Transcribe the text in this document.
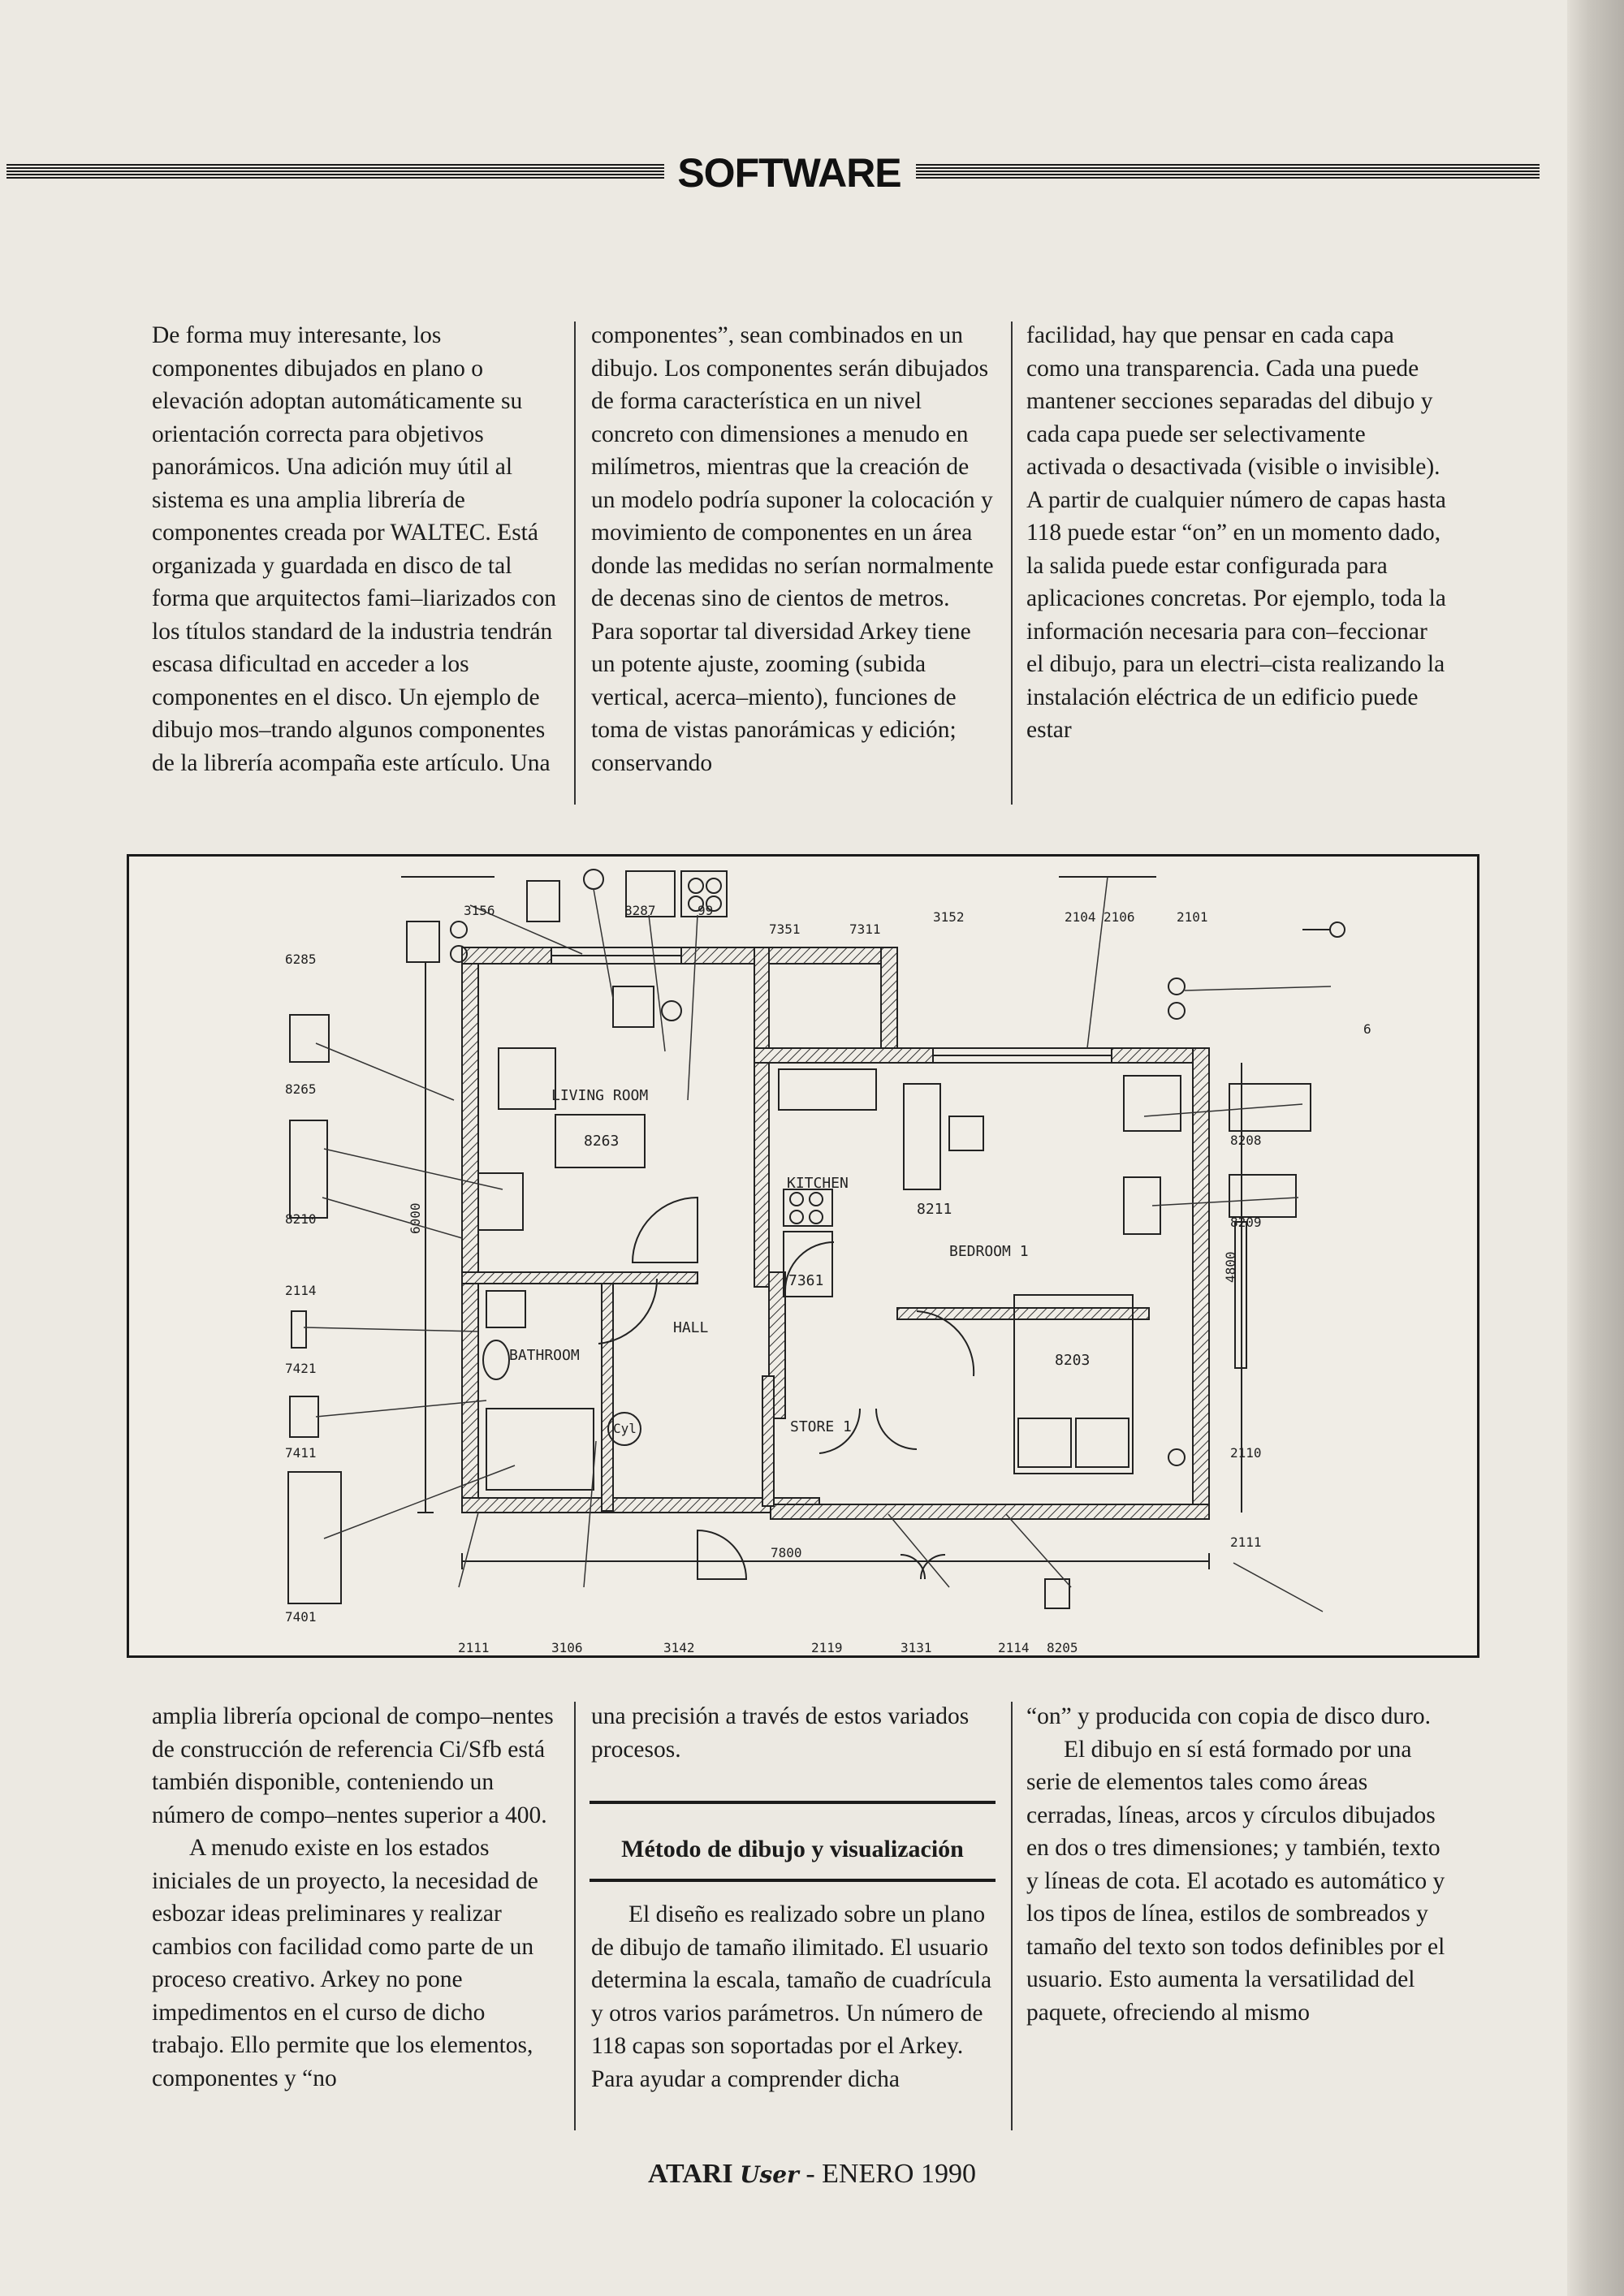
SOFTWARE

De forma muy interesante, los componentes dibujados en plano o elevación adoptan automáticamente su orientación correcta para objetivos panorámicos. Una adición muy útil al sistema es una amplia librería de componentes creada por WALTEC. Está organizada y guardada en disco de tal forma que arquitectos fami–liarizados con los títulos standard de la industria tendrán escasa dificultad en acceder a los componentes en el disco. Un ejemplo de dibujo mos–trando algunos componentes de la librería acompaña este artículo. Una

componentes”, sean combinados en un dibujo. Los componentes serán dibujados de forma característica en un nivel concreto con dimensiones a menudo en milímetros, mientras que la creación de un modelo podría suponer la colocación y movimiento de componentes en un área donde las medidas no serían normalmente de decenas sino de cientos de metros. Para soportar tal diversidad Arkey tiene un potente ajuste, zooming (subida vertical, acerca–miento), funciones de toma de vistas panorámicas y edición; conservando

facilidad, hay que pensar en cada capa como una transparencia. Cada una puede mantener secciones separadas del dibujo y cada capa puede ser selectivamente activada o desactivada (visible o invisible). A partir de cualquier número de capas hasta 118 puede estar “on” en un momento dado, la salida puede estar configurada para aplicaciones concretas. Por ejemplo, toda la información necesaria para con–feccionar el dibujo, para un electri–cista realizando la instalación eléctrica de un edificio puede estar

8263
7361
8211
8203
Cyl
6000
4800
7800
LIVING ROOM
KITCHEN
BEDROOM 1
HALL
BATHROOM
STORE 1
3156	8287	99
7351	7311
3152	2104 2106	2101
6285
8265
8210
2114
7421
7411
7401
6
8208
8209
2110
2111
2111	3106	3142	2119	3131	2114 8205

amplia librería opcional de compo–nentes de construcción de referencia Ci/Sfb está también disponible, conteniendo un número de compo–nentes superior a 400.

A menudo existe en los estados iniciales de un proyecto, la necesidad de esbozar ideas preliminares y realizar cambios con facilidad como parte de un proceso creativo. Arkey no pone impedimentos en el curso de dicho trabajo. Ello permite que los elementos, componentes y “no

una precisión a través de estos variados procesos.

Método de dibujo y visualización

El diseño es realizado sobre un plano de dibujo de tamaño ilimitado. El usuario determina la escala, tamaño de cuadrícula y otros varios parámetros. Un número de 118 capas son soportadas por el Arkey. Para ayudar a comprender dicha

“on” y producida con copia de disco duro.

El dibujo en sí está formado por una serie de elementos tales como áreas cerradas, líneas, arcos y círculos dibujados en dos o tres dimensiones; y también, texto y líneas de cota. El acotado es automático y los tipos de línea, estilos de sombreados y tamaño del texto son todos definibles por el usuario. Esto aumenta la versatilidad del paquete, ofreciendo al mismo

ATARI User - ENERO 1990
